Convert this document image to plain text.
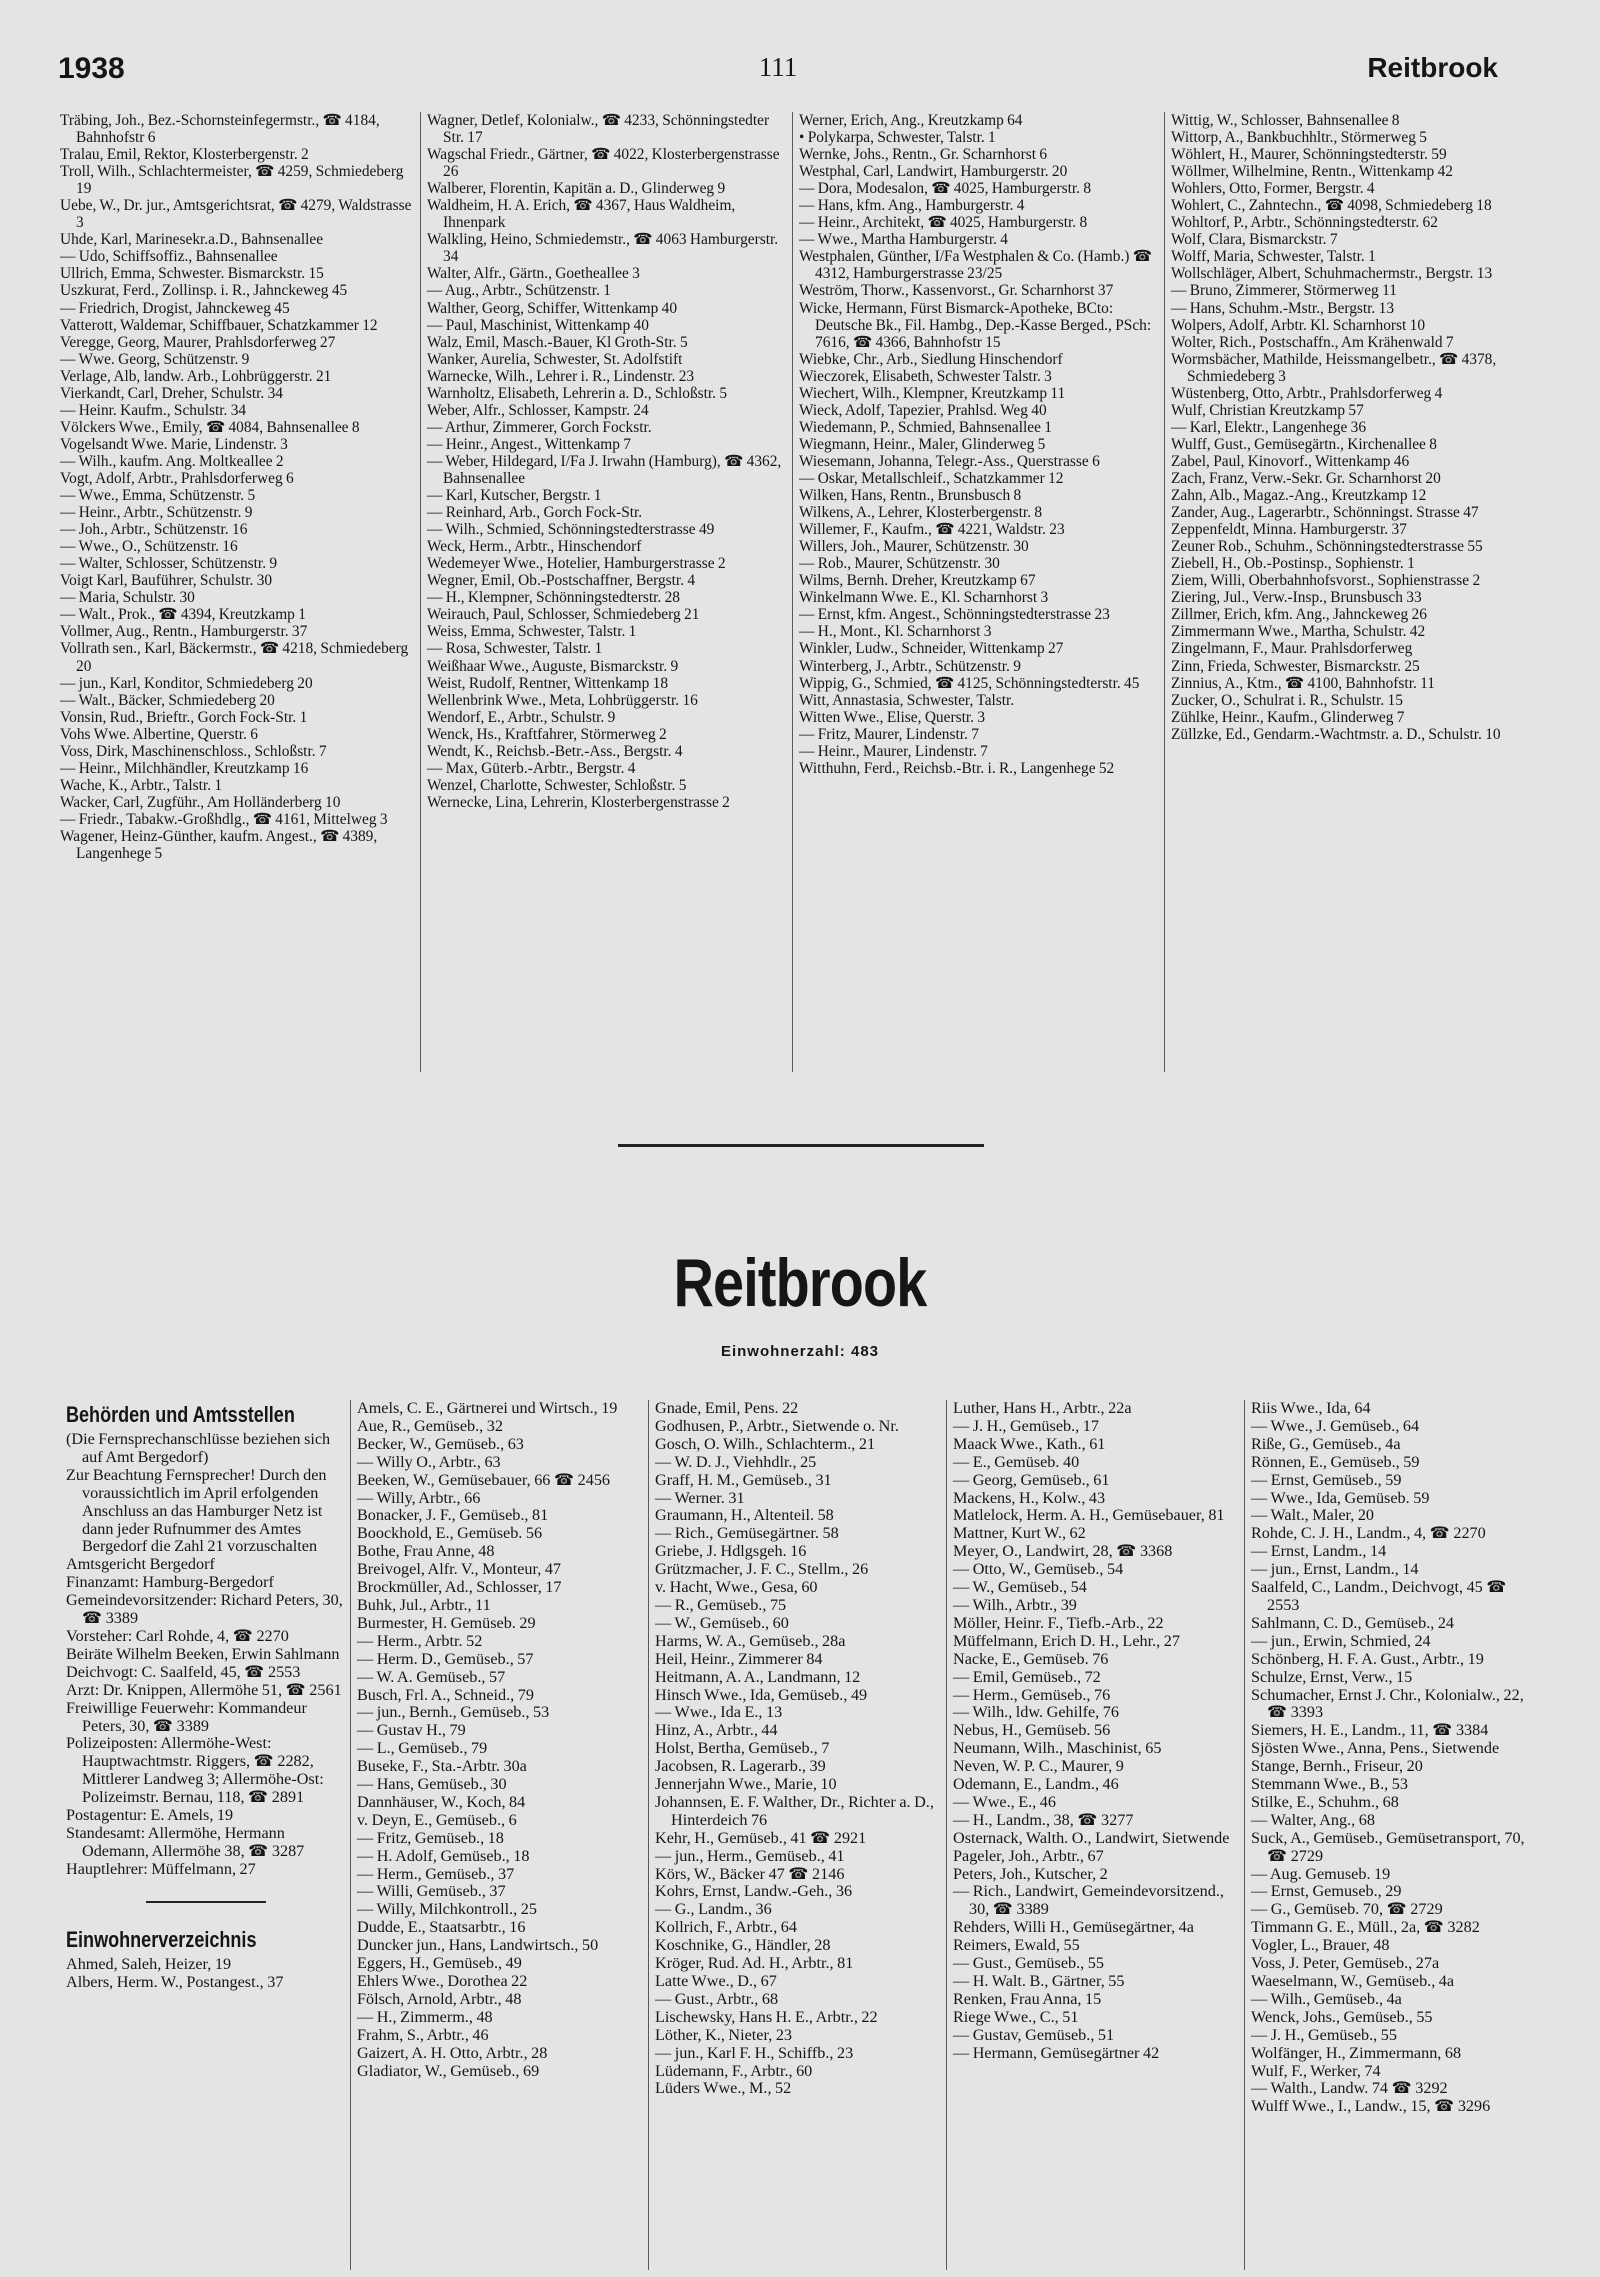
111
1938	Reitbrook
Träbing, Joh., Bez.-Schornsteinfegermstr., ☎ 4184, Bahnhofstr 6
Tralau, Emil, Rektor, Klosterbergenstr. 2
Troll, Wilh., Schlachtermeister, ☎ 4259, Schmiedeberg 19
Uebe, W., Dr. jur., Amtsgerichtsrat, ☎ 4279, Waldstrasse 3
Uhde, Karl, Marinesekr.a.D., Bahnsenallee
— Udo, Schiffsoffiz., Bahnsenallee
Ullrich, Emma, Schwester. Bismarckstr. 15
Uszkurat, Ferd., Zollinsp. i. R., Jahnckeweg 45
— Friedrich, Drogist, Jahnckeweg 45
Vatterott, Waldemar, Schiffbauer, Schatzkammer 12
Veregge, Georg, Maurer, Prahlsdorferweg 27
— Wwe. Georg, Schützenstr. 9
Verlage, Alb, landw. Arb., Lohbrüggerstr. 21
Vierkandt, Carl, Dreher, Schulstr. 34
— Heinr. Kaufm., Schulstr. 34
Völckers Wwe., Emily, ☎ 4084, Bahnsenallee 8
Vogelsandt Wwe. Marie, Lindenstr. 3
— Wilh., kaufm. Ang. Moltkeallee 2
Vogt, Adolf, Arbtr., Prahlsdorferweg 6
— Wwe., Emma, Schützenstr. 5
— Heinr., Arbtr., Schützenstr. 9
— Joh., Arbtr., Schützenstr. 16
— Wwe., O., Schützenstr. 16
— Walter, Schlosser, Schützenstr. 9
Voigt Karl, Bauführer, Schulstr. 30
— Maria, Schulstr. 30
— Walt., Prok., ☎ 4394, Kreutzkamp 1
Vollmer, Aug., Rentn., Hamburgerstr. 37
Vollrath sen., Karl, Bäckermstr., ☎ 4218, Schmiedeberg 20
— jun., Karl, Konditor, Schmiedeberg 20
— Walt., Bäcker, Schmiedeberg 20
Vonsin, Rud., Brieftr., Gorch Fock-Str. 1
Vohs Wwe. Albertine, Querstr. 6
Voss, Dirk, Maschinenschloss., Schloßstr. 7
— Heinr., Milchhändler, Kreutzkamp 16
Wache, K., Arbtr., Talstr. 1
Wacker, Carl, Zugführ., Am Holländerberg 10
— Friedr., Tabakw.-Großhdlg., ☎ 4161, Mittelweg 3
Wagener, Heinz-Günther, kaufm. Angest., ☎ 4389, Langenhege 5
Wagner, Detlef, Kolonialw., ☎ 4233, Schönningstedter Str. 17
Wagschal Friedr., Gärtner, ☎ 4022, Klosterbergenstrasse 26
Walberer, Florentin, Kapitän a. D., Glinderweg 9
Waldheim, H. A. Erich, ☎ 4367, Haus Waldheim, Ihnenpark
Walkling, Heino, Schmiedemstr., ☎ 4063 Hamburgerstr. 34
Walter, Alfr., Gärtn., Goetheallee 3
— Aug., Arbtr., Schützenstr. 1
Walther, Georg, Schiffer, Wittenkamp 40
— Paul, Maschinist, Wittenkamp 40
Walz, Emil, Masch.-Bauer, Kl Groth-Str. 5
Wanker, Aurelia, Schwester, St. Adolfstift
Warnecke, Wilh., Lehrer i. R., Lindenstr. 23
Warnholtz, Elisabeth, Lehrerin a. D., Schloßstr. 5
Weber, Alfr., Schlosser, Kampstr. 24
— Arthur, Zimmerer, Gorch Fockstr.
— Heinr., Angest., Wittenkamp 7
— Weber, Hildegard, I/Fa J. Irwahn (Hamburg), ☎ 4362, Bahnsenallee
— Karl, Kutscher, Bergstr. 1
— Reinhard, Arb., Gorch Fock-Str.
— Wilh., Schmied, Schönningstedterstrasse 49
Weck, Herm., Arbtr., Hinschendorf
Wedemeyer Wwe., Hotelier, Hamburgerstrasse 2
Wegner, Emil, Ob.-Postschaffner, Bergstr. 4
— H., Klempner, Schönningstedterstr. 28
Weirauch, Paul, Schlosser, Schmiedeberg 21
Weiss, Emma, Schwester, Talstr. 1
— Rosa, Schwester, Talstr. 1
Weißhaar Wwe., Auguste, Bismarckstr. 9
Weist, Rudolf, Rentner, Wittenkamp 18
Wellenbrink Wwe., Meta, Lohbrüggerstr. 16
Wendorf, E., Arbtr., Schulstr. 9
Wenck, Hs., Kraftfahrer, Störmerweg 2
Wendt, K., Reichsb.-Betr.-Ass., Bergstr. 4
— Max, Güterb.-Arbtr., Bergstr. 4
Wenzel, Charlotte, Schwester, Schloßstr. 5
Wernecke, Lina, Lehrerin, Klosterbergenstrasse 2
Werner, Erich, Ang., Kreutzkamp 64
• Polykarpa, Schwester, Talstr. 1
Wernke, Johs., Rentn., Gr. Scharnhorst 6
Westphal, Carl, Landwirt, Hamburgerstr. 20
— Dora, Modesalon, ☎ 4025, Hamburgerstr. 8
— Hans, kfm. Ang., Hamburgerstr. 4
— Heinr., Architekt, ☎ 4025, Hamburgerstr. 8
— Wwe., Martha Hamburgerstr. 4
Westphalen, Günther, I/Fa Westphalen & Co. (Hamb.) ☎ 4312, Hamburgerstrasse 23/25
Weström, Thorw., Kassenvorst., Gr. Scharnhorst 37
Wicke, Hermann, Fürst Bismarck-Apotheke, BCto: Deutsche Bk., Fil. Hambg., Dep.-Kasse Berged., PSch: 7616, ☎ 4366, Bahnhofstr 15
Wiebke, Chr., Arb., Siedlung Hinschendorf
Wieczorek, Elisabeth, Schwester Talstr. 3
Wiechert, Wilh., Klempner, Kreutzkamp 11
Wieck, Adolf, Tapezier, Prahlsd. Weg 40
Wiedemann, P., Schmied, Bahnsenallee 1
Wiegmann, Heinr., Maler, Glinderweg 5
Wiesemann, Johanna, Telegr.-Ass., Querstrasse 6
— Oskar, Metallschleif., Schatzkammer 12
Wilken, Hans, Rentn., Brunsbusch 8
Wilkens, A., Lehrer, Klosterbergenstr. 8
Willemer, F., Kaufm., ☎ 4221, Waldstr. 23
Willers, Joh., Maurer, Schützenstr. 30
— Rob., Maurer, Schützenstr. 30
Wilms, Bernh. Dreher, Kreutzkamp 67
Winkelmann Wwe. E., Kl. Scharnhorst 3
— Ernst, kfm. Angest., Schönningstedterstrasse 23
— H., Mont., Kl. Scharnhorst 3
Winkler, Ludw., Schneider, Wittenkamp 27
Winterberg, J., Arbtr., Schützenstr. 9
Wippig, G., Schmied, ☎ 4125, Schönningstedterstr. 45
Witt, Annastasia, Schwester, Talstr.
Witten Wwe., Elise, Querstr. 3
— Fritz, Maurer, Lindenstr. 7
— Heinr., Maurer, Lindenstr. 7
Witthuhn, Ferd., Reichsb.-Btr. i. R., Langenhege 52
Wittig, W., Schlosser, Bahnsenallee 8
Wittorp, A., Bankbuchhltr., Störmerweg 5
Wöhlert, H., Maurer, Schönningstedterstr. 59
Wöllmer, Wilhelmine, Rentn., Wittenkamp 42
Wohlers, Otto, Former, Bergstr. 4
Wohlert, C., Zahntechn., ☎ 4098, Schmiedeberg 18
Wohltorf, P., Arbtr., Schönningstedterstr. 62
Wolf, Clara, Bismarckstr. 7
Wolff, Maria, Schwester, Talstr. 1
Wollschläger, Albert, Schuhmachermstr., Bergstr. 13
— Bruno, Zimmerer, Störmerweg 11
— Hans, Schuhm.-Mstr., Bergstr. 13
Wolpers, Adolf, Arbtr. Kl. Scharnhorst 10
Wolter, Rich., Postschaffn., Am Krähenwald 7
Wormsbächer, Mathilde, Heissmangelbetr., ☎ 4378, Schmiedeberg 3
Wüstenberg, Otto, Arbtr., Prahlsdorferweg 4
Wulf, Christian Kreutzkamp 57
— Karl, Elektr., Langenhege 36
Wulff, Gust., Gemüsegärtn., Kirchenallee 8
Zabel, Paul, Kinovorf., Wittenkamp 46
Zach, Franz, Verw.-Sekr. Gr. Scharnhorst 20
Zahn, Alb., Magaz.-Ang., Kreutzkamp 12
Zander, Aug., Lagerarbtr., Schönningst. Strasse 47
Zeppenfeldt, Minna. Hamburgerstr. 37
Zeuner Rob., Schuhm., Schönningstedterstrasse 55
Ziebell, H., Ob.-Postinsp., Sophienstr. 1
Ziem, Willi, Oberbahnhofsvorst., Sophienstrasse 2
Ziering, Jul., Verw.-Insp., Brunsbusch 33
Zillmer, Erich, kfm. Ang., Jahnckeweg 26
Zimmermann Wwe., Martha, Schulstr. 42
Zingelmann, F., Maur. Prahlsdorferweg
Zinn, Frieda, Schwester, Bismarckstr. 25
Zinnius, A., Ktm., ☎ 4100, Bahnhofstr. 11
Zucker, O., Schulrat i. R., Schulstr. 15
Zühlke, Heinr., Kaufm., Glinderweg 7
Züllzke, Ed., Gendarm.-Wachtmstr. a. D., Schulstr. 10
Reitbrook
Einwohnerzahl: 483
Behörden und Amtsstellen
(Die Fernsprechanschlüsse beziehen sich auf Amt Bergedorf)
Zur Beachtung Fernsprecher! Durch den voraussichtlich im April erfolgenden Anschluss an das Hamburger Netz ist dann jeder Rufnummer des Amtes Bergedorf die Zahl 21 vorzuschalten
Amtsgericht Bergedorf
Finanzamt: Hamburg-Bergedorf
Gemeindevorsitzender: Richard Peters, 30, ☎ 3389
Vorsteher: Carl Rohde, 4, ☎ 2270
Beiräte Wilhelm Beeken, Erwin Sahlmann
Deichvogt: C. Saalfeld, 45, ☎ 2553
Arzt: Dr. Knippen, Allermöhe 51, ☎ 2561
Freiwillige Feuerwehr: Kommandeur Peters, 30, ☎ 3389
Polizeiposten: Allermöhe-West: Hauptwachtmstr. Riggers, ☎ 2282, Mittlerer Landweg 3; Allermöhe-Ost: Polizeimstr. Bernau, 118, ☎ 2891
Postagentur: E. Amels, 19
Standesamt: Allermöhe, Hermann Odemann, Allermöhe 38, ☎ 3287
Hauptlehrer: Müffelmann, 27
Einwohnerverzeichnis
Ahmed, Saleh, Heizer, 19
Albers, Herm. W., Postangest., 37
Amels, C. E., Gärtnerei und Wirtsch., 19
Aue, R., Gemüseb., 32
Becker, W., Gemüseb., 63
— Willy O., Arbtr., 63
Beeken, W., Gemüsebauer, 66 ☎ 2456
— Willy, Arbtr., 66
Bonacker, J. F., Gemüseb., 81
Boockhold, E., Gemüseb. 56
Bothe, Frau Anne, 48
Breivogel, Alfr. V., Monteur, 47
Brockmüller, Ad., Schlosser, 17
Buhk, Jul., Arbtr., 11
Burmester, H. Gemüseb. 29
— Herm., Arbtr. 52
— Herm. D., Gemüseb., 57
— W. A. Gemüseb., 57
Busch, Frl. A., Schneid., 79
— jun., Bernh., Gemüseb., 53
— Gustav H., 79
— L., Gemüseb., 79
Buseke, F., Sta.-Arbtr. 30a
— Hans, Gemüseb., 30
Dannhäuser, W., Koch, 84
v. Deyn, E., Gemüseb., 6
— Fritz, Gemüseb., 18
— H. Adolf, Gemüseb., 18
— Herm., Gemüseb., 37
— Willi, Gemüseb., 37
— Willy, Milchkontroll., 25
Dudde, E., Staatsarbtr., 16
Duncker jun., Hans, Landwirtsch., 50
Eggers, H., Gemüseb., 49
Ehlers Wwe., Dorothea 22
Fölsch, Arnold, Arbtr., 48
— H., Zimmerm., 48
Frahm, S., Arbtr., 46
Gaizert, A. H. Otto, Arbtr., 28
Gladiator, W., Gemüseb., 69
Gnade, Emil, Pens. 22
Godhusen, P., Arbtr., Sietwende o. Nr.
Gosch, O. Wilh., Schlachterm., 21
— W. D. J., Viehhdlr., 25
Graff, H. M., Gemüseb., 31
— Werner. 31
Graumann, H., Altenteil. 58
— Rich., Gemüsegärtner. 58
Griebe, J. Hdlgsgeh. 16
Grützmacher, J. F. C., Stellm., 26
v. Hacht, Wwe., Gesa, 60
— R., Gemüseb., 75
— W., Gemüseb., 60
Harms, W. A., Gemüseb., 28a
Heil, Heinr., Zimmerer 84
Heitmann, A. A., Landmann, 12
Hinsch Wwe., Ida, Gemüseb., 49
— Wwe., Ida E., 13
Hinz, A., Arbtr., 44
Holst, Bertha, Gemüseb., 7
Jacobsen, R. Lagerarb., 39
Jennerjahn Wwe., Marie, 10
Johannsen, E. F. Walther, Dr., Richter a. D., Hinterdeich 76
Kehr, H., Gemüseb., 41 ☎ 2921
— jun., Herm., Gemüseb., 41
Körs, W., Bäcker 47 ☎ 2146
Kohrs, Ernst, Landw.-Geh., 36
— G., Landm., 36
Kollrich, F., Arbtr., 64
Koschnike, G., Händler, 28
Kröger, Rud. Ad. H., Arbtr., 81
Latte Wwe., D., 67
— Gust., Arbtr., 68
Lischewsky, Hans H. E., Arbtr., 22
Löther, K., Nieter, 23
— jun., Karl F. H., Schiffb., 23
Lüdemann, F., Arbtr., 60
Lüders Wwe., M., 52
Luther, Hans H., Arbtr., 22a
— J. H., Gemüseb., 17
Maack Wwe., Kath., 61
— E., Gemüseb. 40
— Georg, Gemüseb., 61
Mackens, H., Kolw., 43
Matlelock, Herm. A. H., Gemüsebauer, 81
Mattner, Kurt W., 62
Meyer, O., Landwirt, 28, ☎ 3368
— Otto, W., Gemüseb., 54
— W., Gemüseb., 54
— Wilh., Arbtr., 39
Möller, Heinr. F., Tiefb.-Arb., 22
Müffelmann, Erich D. H., Lehr., 27
Nacke, E., Gemüseb. 76
— Emil, Gemüseb., 72
— Herm., Gemüseb., 76
— Wilh., ldw. Gehilfe, 76
Nebus, H., Gemüseb. 56
Neumann, Wilh., Maschinist, 65
Neven, W. P. C., Maurer, 9
Odemann, E., Landm., 46
— Wwe., E., 46
— H., Landm., 38, ☎ 3277
Osternack, Walth. O., Landwirt, Sietwende
Pageler, Joh., Arbtr., 67
Peters, Joh., Kutscher, 2
— Rich., Landwirt, Gemeindevorsitzend., 30, ☎ 3389
Rehders, Willi H., Gemüsegärtner, 4a
Reimers, Ewald, 55
— Gust., Gemüseb., 55
— H. Walt. B., Gärtner, 55
Renken, Frau Anna, 15
Riege Wwe., C., 51
— Gustav, Gemüseb., 51
— Hermann, Gemüsegärtner 42
Riis Wwe., Ida, 64
— Wwe., J. Gemüseb., 64
Riße, G., Gemüseb., 4a
Rönnen, E., Gemüseb., 59
— Ernst, Gemüseb., 59
— Wwe., Ida, Gemüseb. 59
— Walt., Maler, 20
Rohde, C. J. H., Landm., 4, ☎ 2270
— Ernst, Landm., 14
— jun., Ernst, Landm., 14
Saalfeld, C., Landm., Deichvogt, 45 ☎ 2553
Sahlmann, C. D., Gemüseb., 24
— jun., Erwin, Schmied, 24
Schönberg, H. F. A. Gust., Arbtr., 19
Schulze, Ernst, Verw., 15
Schumacher, Ernst J. Chr., Kolonialw., 22, ☎ 3393
Siemers, H. E., Landm., 11, ☎ 3384
Sjösten Wwe., Anna, Pens., Sietwende
Stange, Bernh., Friseur, 20
Stemmann Wwe., B., 53
Stilke, E., Schuhm., 68
— Walter, Ang., 68
Suck, A., Gemüseb., Gemüsetransport, 70, ☎ 2729
— Aug. Gemuseb. 19
— Ernst, Gemuseb., 29
— G., Gemüseb. 70, ☎ 2729
Timmann G. E., Müll., 2a, ☎ 3282
Vogler, L., Brauer, 48
Voss, J. Peter, Gemüseb., 27a
Waeselmann, W., Gemüseb., 4a
— Wilh., Gemüseb., 4a
Wenck, Johs., Gemüseb., 55
— J. H., Gemüseb., 55
Wolfänger, H., Zimmermann, 68
Wulf, F., Werker, 74
— Walth., Landw. 74 ☎ 3292
Wulff Wwe., I., Landw., 15, ☎ 3296
